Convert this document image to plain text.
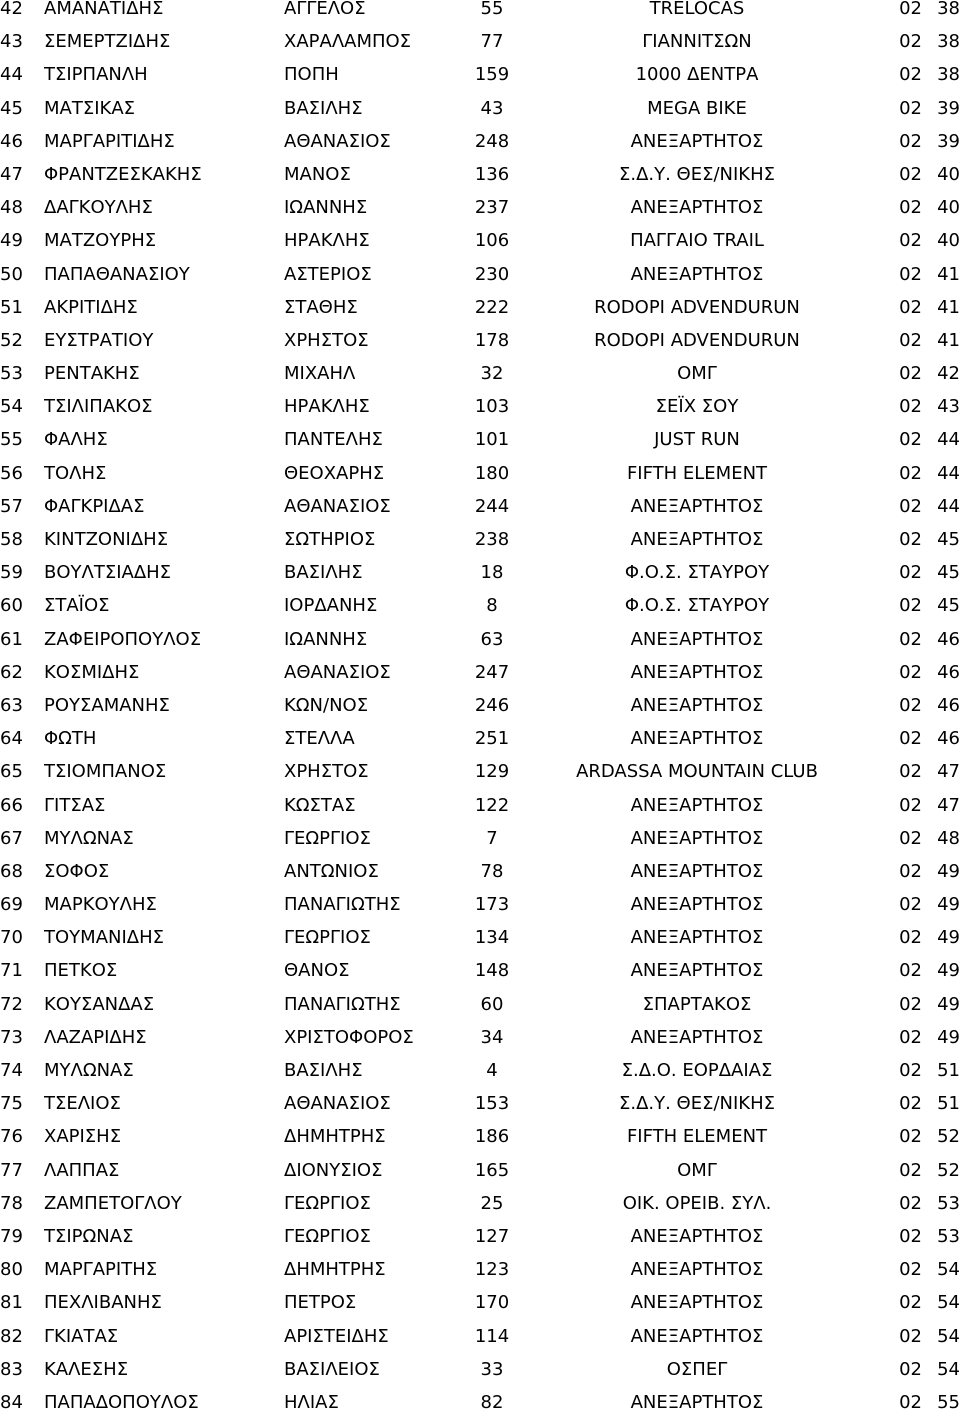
42	ΑΜΑΝΑΤΙΔΗΣ	ΑΓΓΕΛΟΣ	55	TRELOCAS	02 38
43	ΣΕΜΕΡΤΖΙΔΗΣ	ΧΑΡΑΛΑΜΠΟΣ	77	ΓΙΑΝΝΙΤΣΩΝ	02 38
44	ΤΣΙΡΠΑΝΛΗ	ΠΟΠΗ	159	1000 ΔΕΝΤΡΑ	02 38
45	ΜΑΤΣΙΚΑΣ	ΒΑΣΙΛΗΣ	43	MEGA BIKE	02 39
46	ΜΑΡΓΑΡΙΤΙΔΗΣ	ΑΘΑΝΑΣΙΟΣ	248	ΑΝΕΞΑΡΤΗΤΟΣ	02 39
47	ΦΡΑΝΤΖΕΣΚΑΚΗΣ	ΜΑΝΟΣ	136	Σ.Δ.Υ. ΘΕΣ/ΝΙΚΗΣ	02 40
48	ΔΑΓΚΟΥΛΗΣ	ΙΩΑΝΝΗΣ	237	ΑΝΕΞΑΡΤΗΤΟΣ	02 40
49	ΜΑΤΖΟΥΡΗΣ	ΗΡΑΚΛΗΣ	106	ΠΑΓΓΑΙΟ TRAIL	02 40
50	ΠΑΠΑΘΑΝΑΣΙΟΥ	ΑΣΤΕΡΙΟΣ	230	ΑΝΕΞΑΡΤΗΤΟΣ	02 41
51	ΑΚΡΙΤΙΔΗΣ	ΣΤΑΘΗΣ	222	RODOPI ADVENDURUN	02 41
52	ΕΥΣΤΡΑΤΙΟΥ	ΧΡΗΣΤΟΣ	178	RODOPI ADVENDURUN	02 41
53	ΡΕΝΤΑΚΗΣ	ΜΙΧΑΗΛ	32	ΟΜΓ	02 42
54	ΤΣΙΛΙΠΑΚΟΣ	ΗΡΑΚΛΗΣ	103	ΣΕΪΧ ΣΟΥ	02 43
55	ΦΑΛΗΣ	ΠΑΝΤΕΛΗΣ	101	JUST RUN	02 44
56	ΤΟΛΗΣ	ΘΕΟΧΑΡΗΣ	180	FIFTH ELEMENT	02 44
57	ΦΑΓΚΡΙΔΑΣ	ΑΘΑΝΑΣΙΟΣ	244	ΑΝΕΞΑΡΤΗΤΟΣ	02 44
58	ΚΙΝΤΖΟΝΙΔΗΣ	ΣΩΤΗΡΙΟΣ	238	ΑΝΕΞΑΡΤΗΤΟΣ	02 45
59	ΒΟΥΛΤΣΙΑΔΗΣ	ΒΑΣΙΛΗΣ	18	Φ.Ο.Σ. ΣΤΑΥΡΟΥ	02 45
60	ΣΤΑΪΟΣ	ΙΟΡΔΑΝΗΣ	8	Φ.Ο.Σ. ΣΤΑΥΡΟΥ	02 45
61	ΖΑΦΕΙΡΟΠΟΥΛΟΣ	ΙΩΑΝΝΗΣ	63	ΑΝΕΞΑΡΤΗΤΟΣ	02 46
62	ΚΟΣΜΙΔΗΣ	ΑΘΑΝΑΣΙΟΣ	247	ΑΝΕΞΑΡΤΗΤΟΣ	02 46
63	ΡΟΥΣΑΜΑΝΗΣ	ΚΩΝ/ΝΟΣ	246	ΑΝΕΞΑΡΤΗΤΟΣ	02 46
64	ΦΩΤΗ	ΣΤΕΛΛΑ	251	ΑΝΕΞΑΡΤΗΤΟΣ	02 46
65	ΤΣΙΟΜΠΑΝΟΣ	ΧΡΗΣΤΟΣ	129	ARDASSA MOUNTAIN CLUB	02 47
66	ΓΙΤΣΑΣ	ΚΩΣΤΑΣ	122	ΑΝΕΞΑΡΤΗΤΟΣ	02 47
67	ΜΥΛΩΝΑΣ	ΓΕΩΡΓΙΟΣ	7	ΑΝΕΞΑΡΤΗΤΟΣ	02 48
68	ΣΟΦΟΣ	ΑΝΤΩΝΙΟΣ	78	ΑΝΕΞΑΡΤΗΤΟΣ	02 49
69	ΜΑΡΚΟΥΛΗΣ	ΠΑΝΑΓΙΩΤΗΣ	173	ΑΝΕΞΑΡΤΗΤΟΣ	02 49
70	ΤΟΥΜΑΝΙΔΗΣ	ΓΕΩΡΓΙΟΣ	134	ΑΝΕΞΑΡΤΗΤΟΣ	02 49
71	ΠΕΤΚΟΣ	ΘΑΝΟΣ	148	ΑΝΕΞΑΡΤΗΤΟΣ	02 49
72	ΚΟΥΣΑΝΔΑΣ	ΠΑΝΑΓΙΩΤΗΣ	60	ΣΠΑΡΤΑΚΟΣ	02 49
73	ΛΑΖΑΡΙΔΗΣ	ΧΡΙΣΤΟΦΟΡΟΣ	34	ΑΝΕΞΑΡΤΗΤΟΣ	02 49
74	ΜΥΛΩΝΑΣ	ΒΑΣΙΛΗΣ	4	Σ.Δ.Ο. ΕΟΡΔΑΙΑΣ	02 51
75	ΤΣΕΛΙΟΣ	ΑΘΑΝΑΣΙΟΣ	153	Σ.Δ.Υ. ΘΕΣ/ΝΙΚΗΣ	02 51
76	ΧΑΡΙΣΗΣ	ΔΗΜΗΤΡΗΣ	186	FIFTH ELEMENT	02 52
77	ΛΑΠΠΑΣ	ΔΙΟΝΥΣΙΟΣ	165	ΟΜΓ	02 52
78	ΖΑΜΠΕΤΟΓΛΟΥ	ΓΕΩΡΓΙΟΣ	25	ΟΙΚ. ΟΡΕΙΒ. ΣΥΛ.	02 53
79	ΤΣΙΡΩΝΑΣ	ΓΕΩΡΓΙΟΣ	127	ΑΝΕΞΑΡΤΗΤΟΣ	02 53
80	ΜΑΡΓΑΡΙΤΗΣ	ΔΗΜΗΤΡΗΣ	123	ΑΝΕΞΑΡΤΗΤΟΣ	02 54
81	ΠΕΧΛΙΒΑΝΗΣ	ΠΕΤΡΟΣ	170	ΑΝΕΞΑΡΤΗΤΟΣ	02 54
82	ΓΚΙΑΤΑΣ	ΑΡΙΣΤΕΙΔΗΣ	114	ΑΝΕΞΑΡΤΗΤΟΣ	02 54
83	ΚΑΛΕΣΗΣ	ΒΑΣΙΛΕΙΟΣ	33	ΟΣΠΕΓ	02 54
84	ΠΑΠΑΔΟΠΟΥΛΟΣ	ΗΛΙΑΣ	82	ΑΝΕΞΑΡΤΗΤΟΣ	02 55
